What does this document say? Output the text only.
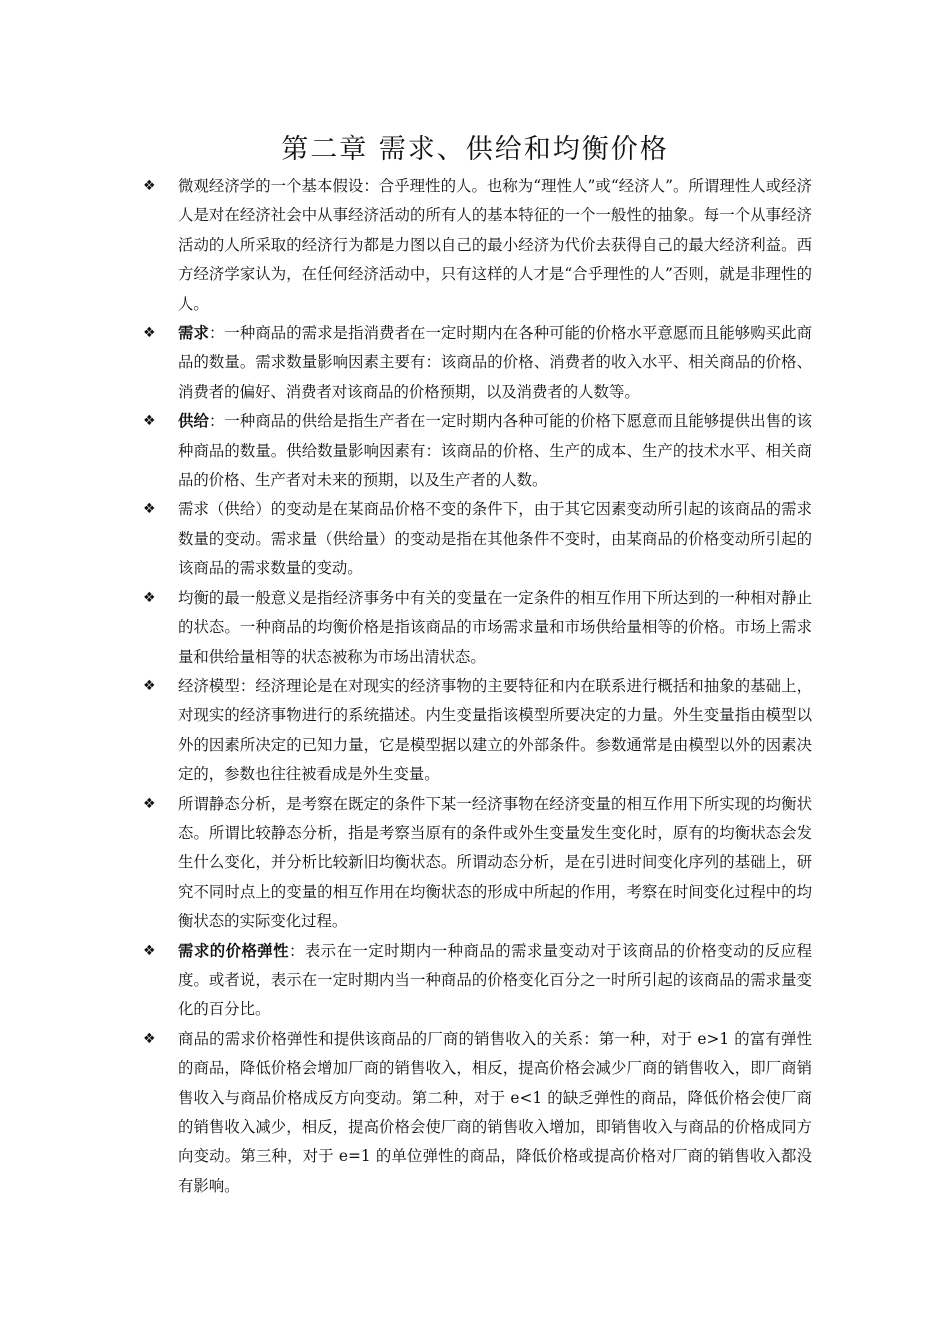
第二章 需求、供给和均衡价格
❖ 微观经济学的一个基本假设：合乎理性的人。也称为“理性人”或“经济人”。所谓理性人或经济人是对在经济社会中从事经济活动的所有人的基本特征的一个一般性的抽象。每一个从事经济活动的人所采取的经济行为都是力图以自己的最小经济为代价去获得自己的最大经济利益。西方经济学家认为，在任何经济活动中，只有这样的人才是“合乎理性的人”否则，就是非理性的人。
❖ 需求：一种商品的需求是指消费者在一定时期内在各种可能的价格水平意愿而且能够购买此商品的数量。需求数量影响因素主要有：该商品的价格、消费者的收入水平、相关商品的价格、消费者的偏好、消费者对该商品的价格预期，以及消费者的人数等。
❖ 供给：一种商品的供给是指生产者在一定时期内各种可能的价格下愿意而且能够提供出售的该种商品的数量。供给数量影响因素有：该商品的价格、生产的成本、生产的技术水平、相关商品的价格、生产者对未来的预期，以及生产者的人数。
❖ 需求（供给）的变动是在某商品价格不变的条件下，由于其它因素变动所引起的该商品的需求数量的变动。需求量（供给量）的变动是指在其他条件不变时，由某商品的价格变动所引起的该商品的需求数量的变动。
❖ 均衡的最一般意义是指经济事务中有关的变量在一定条件的相互作用下所达到的一种相对静止的状态。一种商品的均衡价格是指该商品的市场需求量和市场供给量相等的价格。市场上需求量和供给量相等的状态被称为市场出清状态。
❖ 经济模型：经济理论是在对现实的经济事物的主要特征和内在联系进行概括和抽象的基础上，对现实的经济事物进行的系统描述。内生变量指该模型所要决定的力量。外生变量指由模型以外的因素所决定的已知力量，它是模型据以建立的外部条件。参数通常是由模型以外的因素决定的，参数也往往被看成是外生变量。
❖ 所谓静态分析，是考察在既定的条件下某一经济事物在经济变量的相互作用下所实现的均衡状态。所谓比较静态分析，指是考察当原有的条件或外生变量发生变化时，原有的均衡状态会发生什么变化，并分析比较新旧均衡状态。所谓动态分析，是在引进时间变化序列的基础上，研究不同时点上的变量的相互作用在均衡状态的形成中所起的作用，考察在时间变化过程中的均衡状态的实际变化过程。
❖ 需求的价格弹性：表示在一定时期内一种商品的需求量变动对于该商品的价格变动的反应程度。或者说，表示在一定时期内当一种商品的价格变化百分之一时所引起的该商品的需求量变化的百分比。
❖ 商品的需求价格弹性和提供该商品的厂商的销售收入的关系：第一种，对于 e>1 的富有弹性的商品，降低价格会增加厂商的销售收入，相反，提高价格会减少厂商的销售收入，即厂商销售收入与商品价格成反方向变动。第二种，对于 e<1 的缺乏弹性的商品，降低价格会使厂商的销售收入减少，相反，提高价格会使厂商的销售收入增加，即销售收入与商品的价格成同方向变动。第三种，对于 e=1 的单位弹性的商品，降低价格或提高价格对厂商的销售收入都没有影响。
